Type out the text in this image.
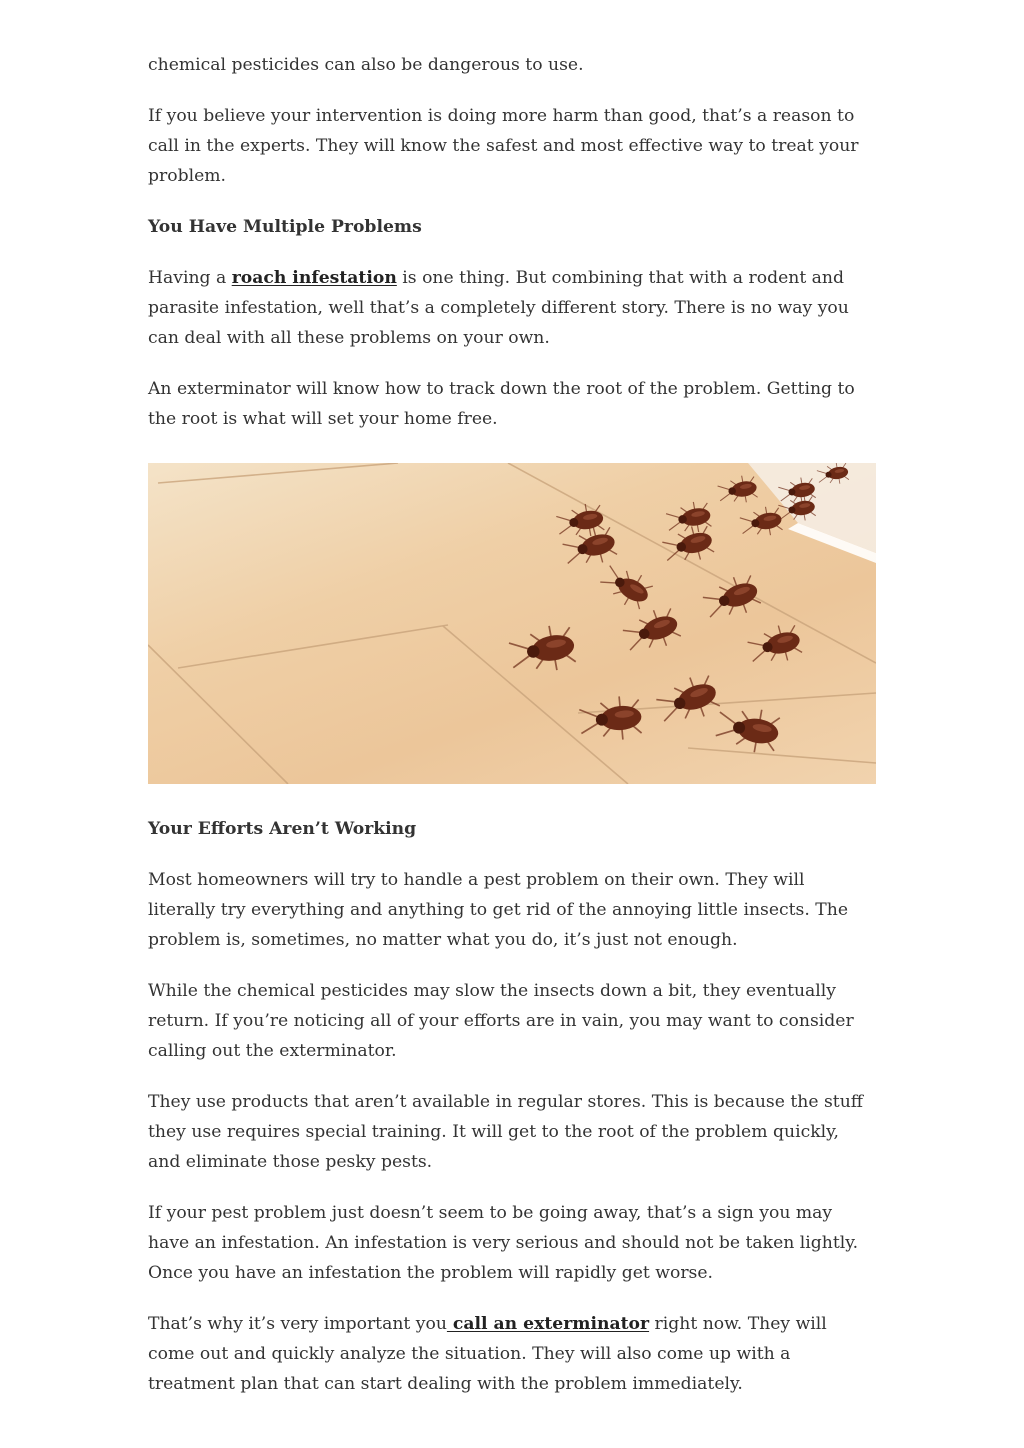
chemical pesticides can also be dangerous to use.

If you believe your intervention is doing more harm than good, that’s a reason to call in the experts. They will know the safest and most effective way to treat your problem.

You Have Multiple Problems

Having a roach infestation is one thing. But combining that with a rodent and parasite infestation, well that’s a completely different story. There is no way you can deal with all these problems on your own.

An exterminator will know how to track down the root of the problem. Getting to the root is what will set your home free.

Your Efforts Aren’t Working

Most homeowners will try to handle a pest problem on their own. They will literally try everything and anything to get rid of the annoying little insects. The problem is, sometimes, no matter what you do, it’s just not enough.

While the chemical pesticides may slow the insects down a bit, they eventually return. If you’re noticing all of your efforts are in vain, you may want to consider calling out the exterminator.

They use products that aren’t available in regular stores. This is because the stuff they use requires special training. It will get to the root of the problem quickly, and eliminate those pesky pests.

If your pest problem just doesn’t seem to be going away, that’s a sign you may have an infestation. An infestation is very serious and should not be taken lightly. Once you have an infestation the problem will rapidly get worse.

That’s why it’s very important you call an exterminator right now. They will come out and quickly analyze the situation. They will also come up with a treatment plan that can start dealing with the problem immediately.
